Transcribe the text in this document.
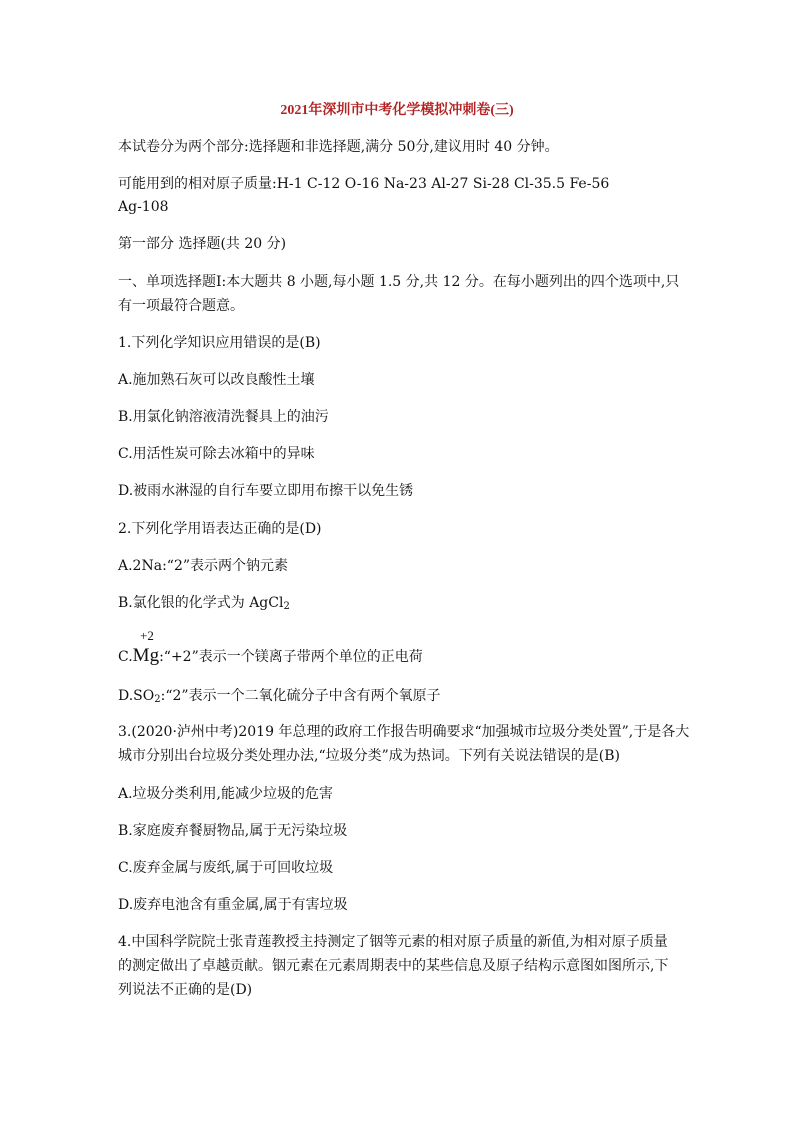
2021年深圳市中考化学模拟冲刺卷(三)
本试卷分为两个部分:选择题和非选择题,满分 50分,建议用时 40 分钟。
可能用到的相对原子质量:H-1 C-12 O-16 Na-23 Al-27 Si-28 Cl-35.5 Fe-56
Ag-108
第一部分 选择题(共 20 分)
一、单项选择题Ⅰ:本大题共 8 小题,每小题 1.5 分,共 12 分。在每小题列出的四个选项中,只
有一项最符合题意。
1.下列化学知识应用错误的是(B)
A.施加熟石灰可以改良酸性土壤
B.用氯化钠溶液清洗餐具上的油污
C.用活性炭可除去冰箱中的异味
D.被雨水淋湿的自行车要立即用布擦干以免生锈
2.下列化学用语表达正确的是(D)
A.2Na:“2”表示两个钠元素
B.氯化银的化学式为 AgCl$_2$
+2
C.Mg:“+2”表示一个镁离子带两个单位的正电荷
$D.SO_2:“2$”表示一个二氧化硫分子中含有两个氧原子
3.(2020·泸州中考)2019 年总理的政府工作报告明确要求“加强城市垃圾分类处置”,于是各大
城市分别出台垃圾分类处理办法,“垃圾分类”成为热词。下列有关说法错误的是(B)
A.垃圾分类利用,能减少垃圾的危害
B.家庭废弃餐厨物品,属于无污染垃圾
C.废弃金属与废纸,属于可回收垃圾
D.废弃电池含有重金属,属于有害垃圾
4.中国科学院院士张青莲教授主持测定了铟等元素的相对原子质量的新值,为相对原子质量
的测定做出了卓越贡献。铟元素在元素周期表中的某些信息及原子结构示意图如图所示,下
列说法不正确的是(D)
